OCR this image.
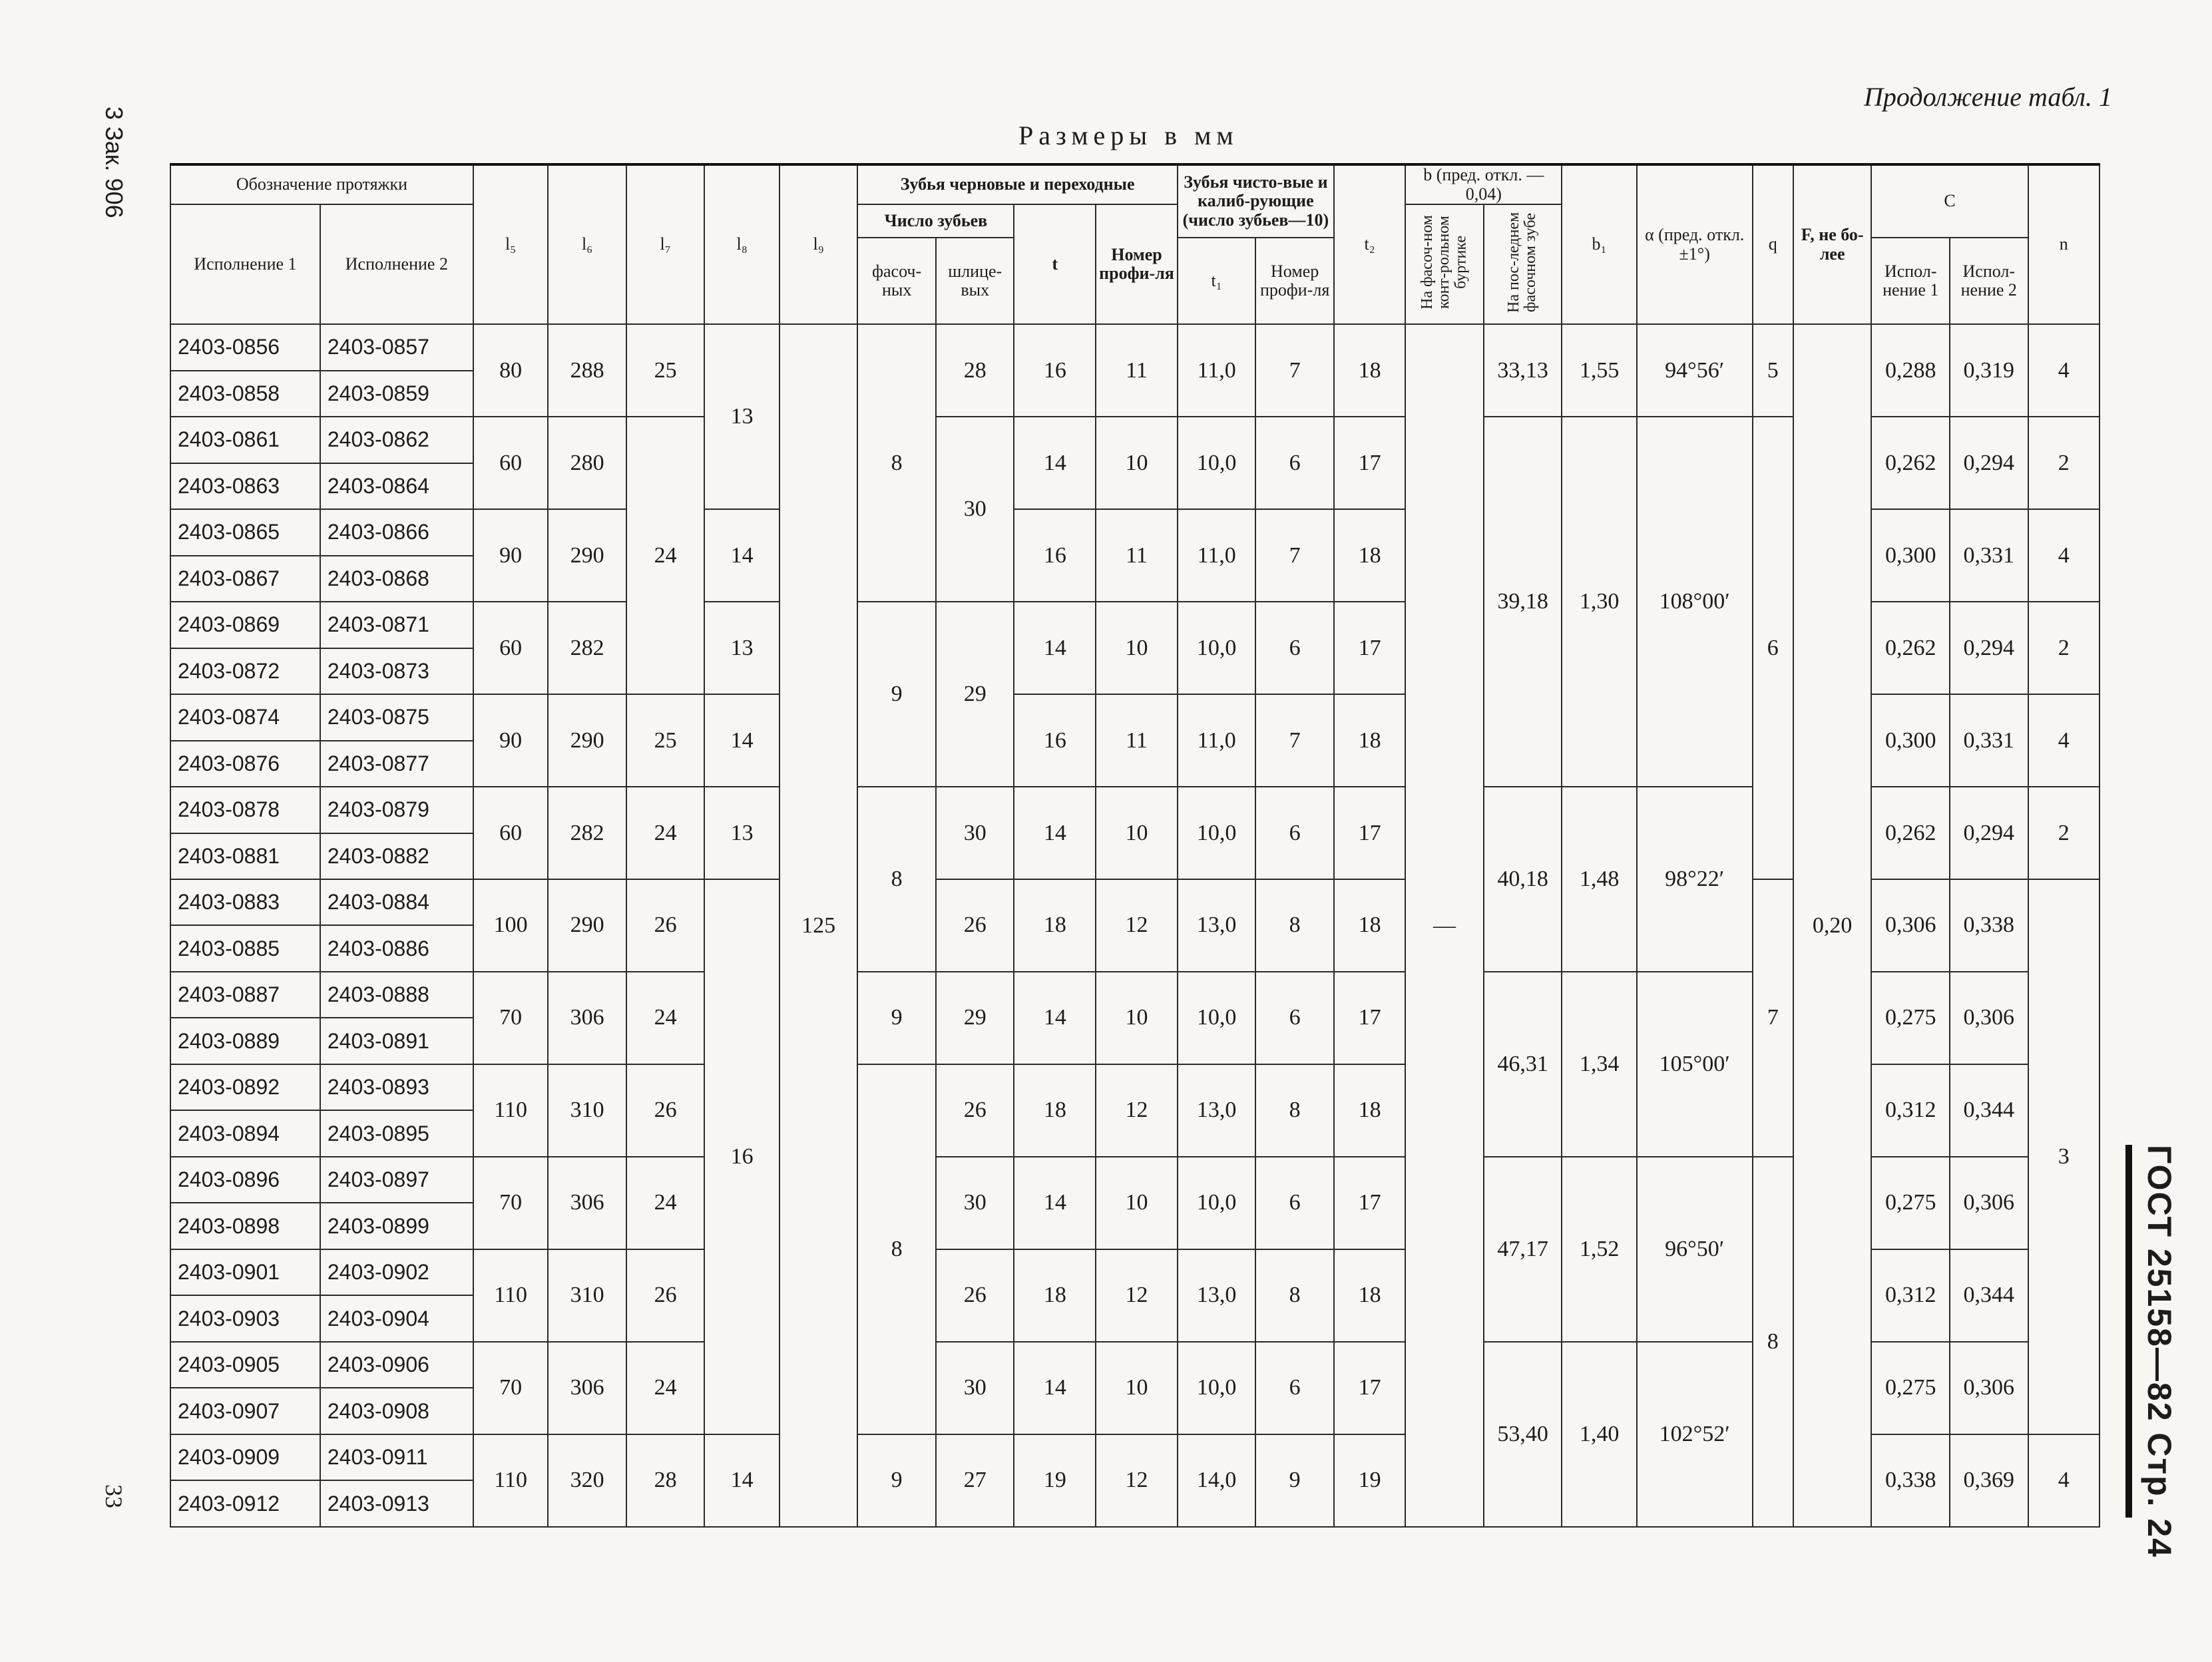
Продолжение табл. 1
Размеры в мм
3 Зак. 906
ГОСТ 25158—82 Стр. 24
33
Обозначение протяжки		l₅	l₆	l₇	l₈	l₉	Зубья черновые и переходные				Зубья чисто-вые и калиб-рующие (число зубьев—10)		t₂	b (пред. откл. —0,04)		b₁	α (пред. откл. ±1°)	q	F, не бо-лее	C		n
Исполнение 1	Исполнение 2						Число зубьев		t	Номер профи-ля				На фасоч-ном конт-рольном буртике	На пос-леднем фасочном зубе							
							фасоч-ных	шлице-вых			t₁	Номер профи-ля								Испол-нение 1	Испол-нение 2	
2403-0856	2403-0857	80	288	25	13	125	8	28	16	11	11,0	7	18	—	33,13	1,55	94°56′	5	0,20	0,288	0,319	4
2403-0858	2403-0859																					
2403-0861	2403-0862	60	280	24				30	14	10	10,0	6	17		39,18	1,30	108°00′	6		0,262	0,294	2
2403-0863	2403-0864																					
2403-0865	2403-0866	90	290		14				16	11	11,0	7	18							0,300	0,331	4
2403-0867	2403-0868																					
2403-0869	2403-0871	60	282		13		9	29	14	10	10,0	6	17							0,262	0,294	2
2403-0872	2403-0873																					
2403-0874	2403-0875	90	290	25	14				16	11	11,0	7	18							0,300	0,331	4
2403-0876	2403-0877																					
2403-0878	2403-0879	60	282	24	13		8	30	14	10	10,0	6	17		40,18	1,48	98°22′			0,262	0,294	2
2403-0881	2403-0882																					
2403-0883	2403-0884	100	290	26	16			26	18	12	13,0	8	18					7		0,306	0,338	3
2403-0885	2403-0886																					
2403-0887	2403-0888	70	306	24			9	29	14	10	10,0	6	17		46,31	1,34	105°00′			0,275	0,306	
2403-0889	2403-0891																					
2403-0892	2403-0893	110	310	26			8	26	18	12	13,0	8	18							0,312	0,344	
2403-0894	2403-0895																					
2403-0896	2403-0897	70	306	24				30	14	10	10,0	6	17		47,17	1,52	96°50′	8		0,275	0,306	
2403-0898	2403-0899																					
2403-0901	2403-0902	110	310	26				26	18	12	13,0	8	18							0,312	0,344	
2403-0903	2403-0904																					
2403-0905	2403-0906	70	306	24				30	14	10	10,0	6	17		53,40	1,40	102°52′			0,275	0,306	
2403-0907	2403-0908																					
2403-0909	2403-0911	110	320	28	14		9	27	19	12	14,0	9	19							0,338	0,369	4
2403-0912	2403-0913																					
